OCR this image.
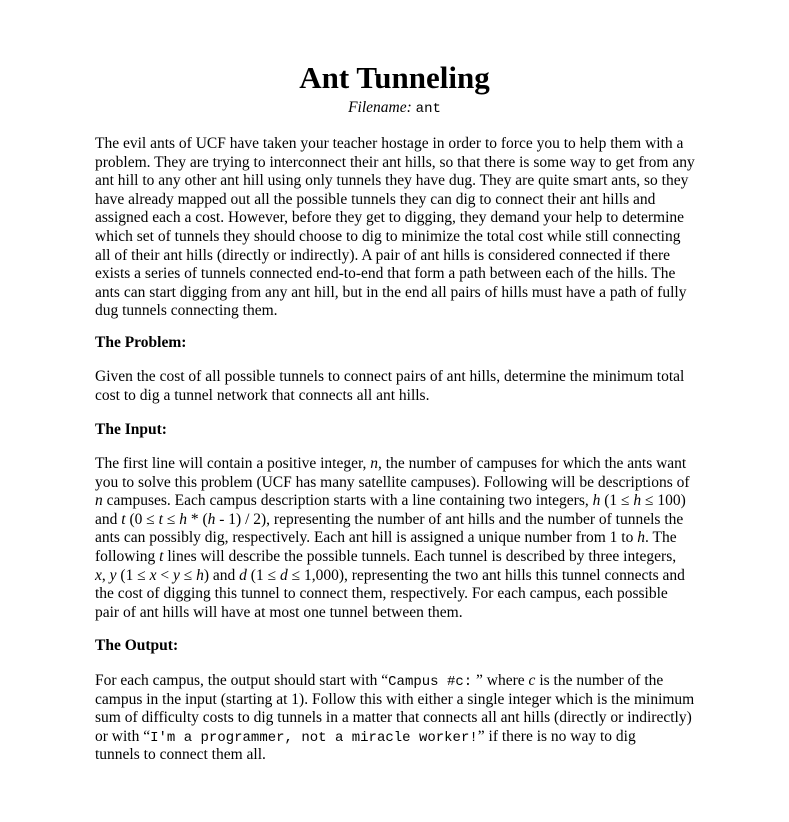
Ant Tunneling
Filename: ant
The evil ants of UCF have taken your teacher hostage in order to force you to help them with a
problem. They are trying to interconnect their ant hills, so that there is some way to get from any
ant hill to any other ant hill using only tunnels they have dug. They are quite smart ants, so they
have already mapped out all the possible tunnels they can dig to connect their ant hills and
assigned each a cost. However, before they get to digging, they demand your help to determine
which set of tunnels they should choose to dig to minimize the total cost while still connecting
all of their ant hills (directly or indirectly). A pair of ant hills is considered connected if there
exists a series of tunnels connected end-to-end that form a path between each of the hills. The
ants can start digging from any ant hill, but in the end all pairs of hills must have a path of fully
dug tunnels connecting them.
The Problem:
Given the cost of all possible tunnels to connect pairs of ant hills, determine the minimum total
cost to dig a tunnel network that connects all ant hills.
The Input:
The first line will contain a positive integer, n, the number of campuses for which the ants want
you to solve this problem (UCF has many satellite campuses). Following will be descriptions of
n campuses. Each campus description starts with a line containing two integers, h (1 ≤ h ≤ 100)
and t (0 ≤ t ≤ h * (h - 1) / 2), representing the number of ant hills and the number of tunnels the
ants can possibly dig, respectively. Each ant hill is assigned a unique number from 1 to h. The
following t lines will describe the possible tunnels. Each tunnel is described by three integers,
x, y (1 ≤ x < y ≤ h) and d (1 ≤ d ≤ 1,000), representing the two ant hills this tunnel connects and
the cost of digging this tunnel to connect them, respectively. For each campus, each possible
pair of ant hills will have at most one tunnel between them.
The Output:
For each campus, the output should start with “Campus #c: ” where c is the number of the
campus in the input (starting at 1). Follow this with either a single integer which is the minimum
sum of difficulty costs to dig tunnels in a matter that connects all ant hills (directly or indirectly)
or with “I'm a programmer, not a miracle worker!” if there is no way to dig
tunnels to connect them all.
